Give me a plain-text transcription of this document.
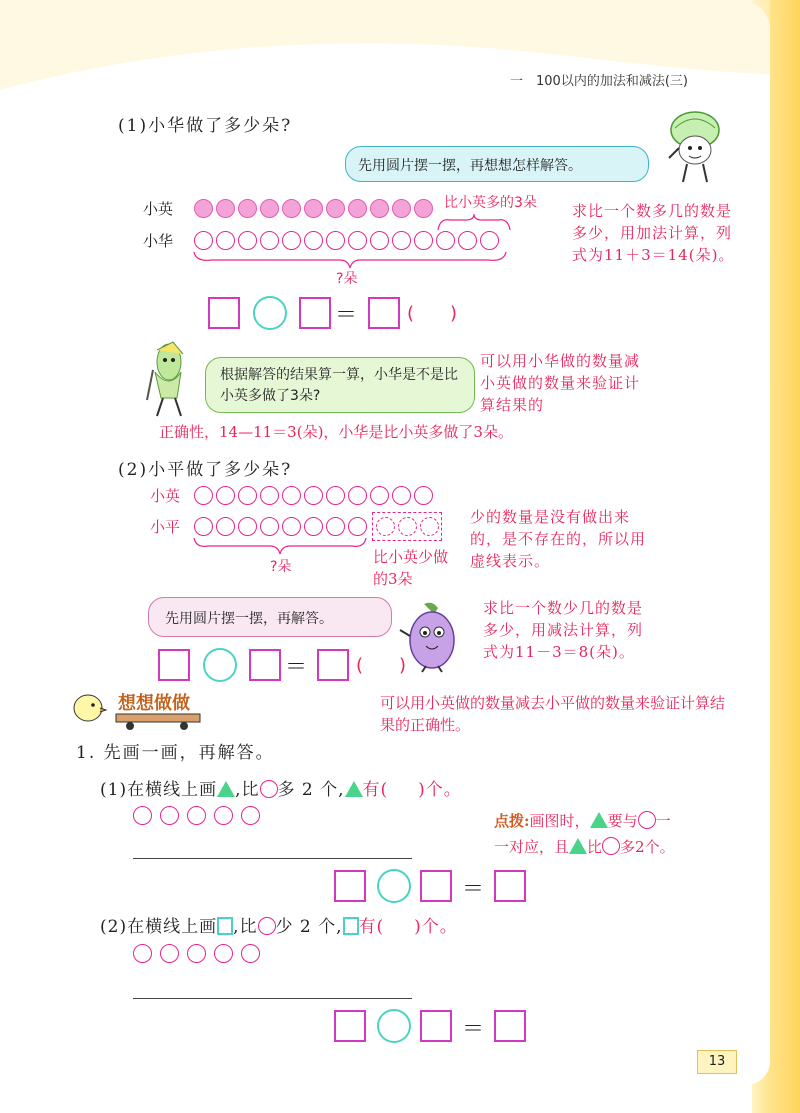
一　100以内的加法和减法(三)
(1)小华做了多少朵?
先用圆片摆一摆，再想想怎样解答。
小英
小华
比小英多的3朵
?朵
求比一个数多几的数是多少，用加法计算，列式为11＋3＝14(朵)。
＝	(　　)
根据解答的结果算一算，小华是不是比小英多做了3朵?
可以用小华做的数量减小英做的数量来验证计算结果的
正确性，14—11＝3(朵)，小华是比小英多做了3朵。
(2)小平做了多少朵?
小英
小平
?朵
比小英少做的3朵
少的数量是没有做出来的，是不存在的，所以用虚线表示。
先用圆片摆一摆，再解答。
求比一个数少几的数是多少，用减法计算，列式为11－3＝8(朵)。
＝	(　　)
想想做做	可以用小英做的数量减去小平做的数量来验证计算结果的正确性。
1. 先画一画，再解答。
(1)在横线上画 ,比 多 2 个, 有( )个。
点拨:画图时， 要与 一
一对应，且 比 多2个。
＝
(2)在横线上画 ,比 少 2 个, 有( )个。
＝
13
